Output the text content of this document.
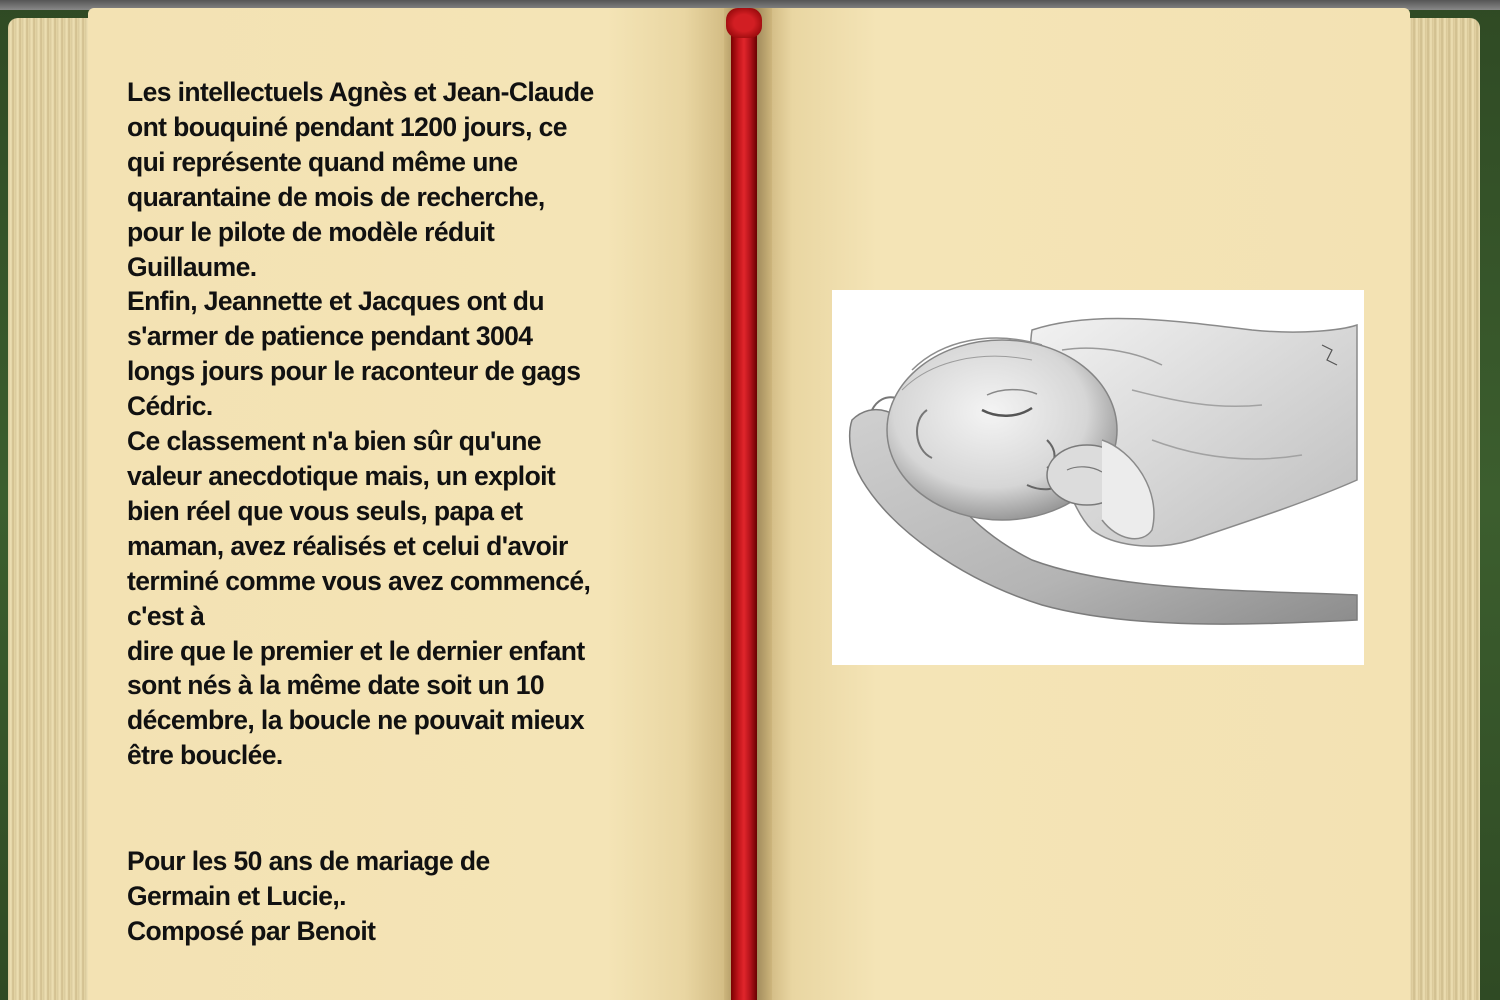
Les intellectuels Agnès et Jean-Claude
ont bouquiné pendant 1200 jours, ce
qui représente quand même une
quarantaine de mois de recherche,
pour le pilote de modèle réduit
Guillaume.

Enfin, Jeannette et Jacques ont du
s'armer de patience pendant 3004
longs jours pour le raconteur de gags
Cédric.

Ce classement n'a bien sûr qu'une
valeur anecdotique mais, un exploit
bien réel que vous seuls, papa et
maman, avez réalisés et celui d'avoir
terminé comme vous avez commencé,
c'est à
dire que le premier et le dernier enfant
sont nés à la même date soit un 10
décembre, la boucle ne pouvait mieux
être bouclée.

Pour les 50 ans de mariage de
Germain et Lucie,.
Composé par Benoit
